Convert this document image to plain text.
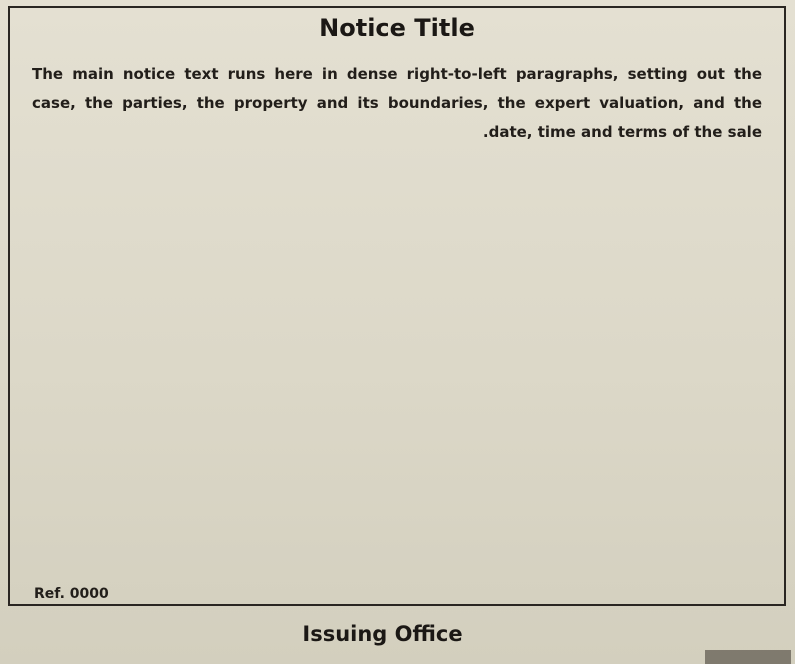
Notice Title
The main notice text runs here in dense right-to-left paragraphs, setting out the case, the parties, the property and its boundaries, the expert valuation, and the date, time and terms of the sale.
Ref. 0000
Issuing Office
